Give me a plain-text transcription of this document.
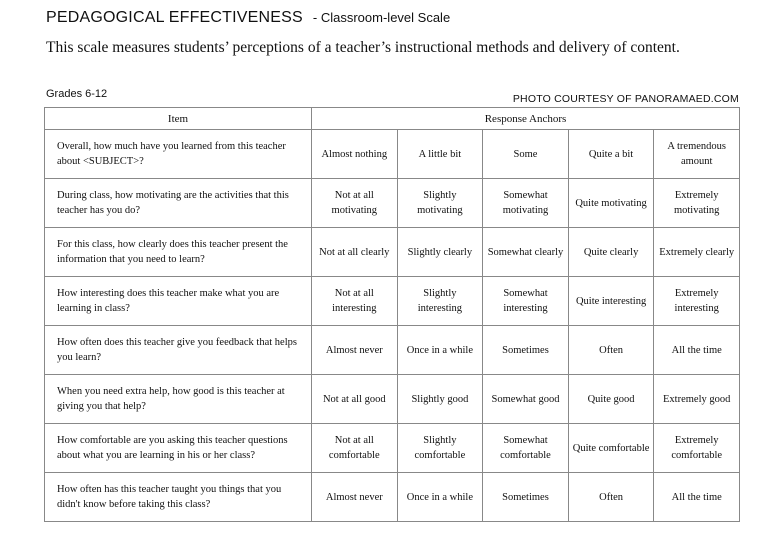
PEDAGOGICAL EFFECTIVENESS - Classroom-level Scale
This scale measures students’ perceptions of a teacher’s instructional methods and delivery of content.
Grades 6-12	PHOTO COURTESY OF PANORAMAED.COM
Item	Response Anchors				
Overall, how much have you learned from this teacher about <SUBJECT>?	Almost nothing	A little bit	Some	Quite a bit	A tremendous amount
During class, how motivating are the activities that this teacher has you do?	Not at all motivating	Slightly motivating	Somewhat motivating	Quite motivating	Extremely motivating
For this class, how clearly does this teacher present the information that you need to learn?	Not at all clearly	Slightly clearly	Somewhat clearly	Quite clearly	Extremely clearly
How interesting does this teacher make what you are learning in class?	Not at all interesting	Slightly interesting	Somewhat interesting	Quite interesting	Extremely interesting
How often does this teacher give you feedback that helps you learn?	Almost never	Once in a while	Sometimes	Often	All the time
When you need extra help, how good is this teacher at giving you that help?	Not at all good	Slightly good	Somewhat good	Quite good	Extremely good
How comfortable are you asking this teacher questions about what you are learning in his or her class?	Not at all comfortable	Slightly comfortable	Somewhat comfortable	Quite comfortable	Extremely comfortable
How often has this teacher taught you things that you didn't know before taking this class?	Almost never	Once in a while	Sometimes	Often	All the time
